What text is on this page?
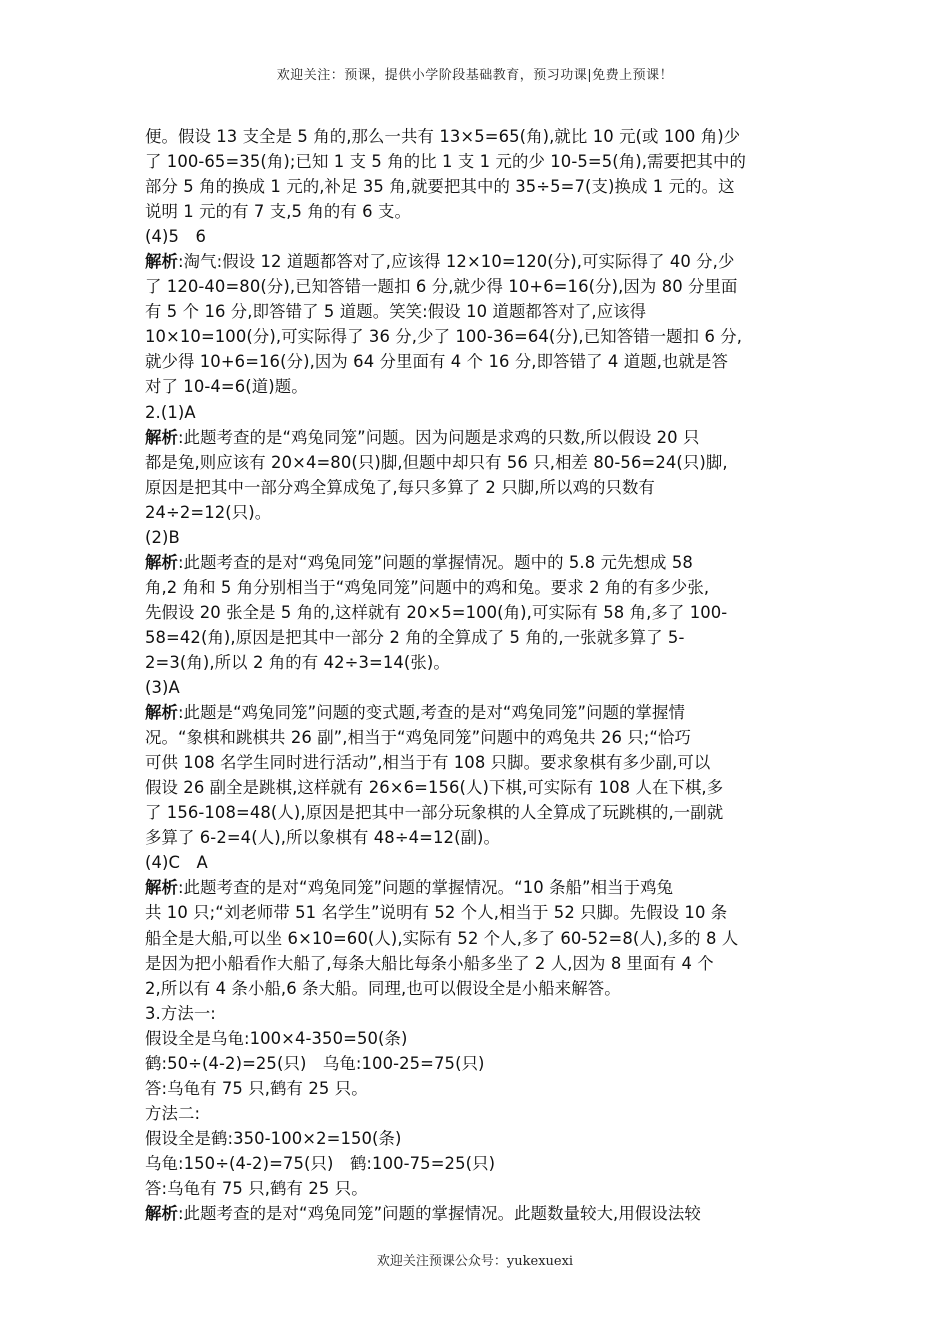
欢迎关注：预课，提供小学阶段基础教育，预习功课|免费上预课！
便。假设 13 支全是 5 角的,那么一共有 13×5=65(角),就比 10 元(或 100 角)少
了 100-65=35(角);已知 1 支 5 角的比 1 支 1 元的少 10-5=5(角),需要把其中的
部分 5 角的换成 1 元的,补足 35 角,就要把其中的 35÷5=7(支)换成 1 元的。这
说明 1 元的有 7 支,5 角的有 6 支。
(4)5　6
解析:淘气:假设 12 道题都答对了,应该得 12×10=120(分),可实际得了 40 分,少
了 120-40=80(分),已知答错一题扣 6 分,就少得 10+6=16(分),因为 80 分里面
有 5 个 16 分,即答错了 5 道题。笑笑:假设 10 道题都答对了,应该得
10×10=100(分),可实际得了 36 分,少了 100-36=64(分),已知答错一题扣 6 分,
就少得 10+6=16(分),因为 64 分里面有 4 个 16 分,即答错了 4 道题,也就是答
对了 10-4=6(道)题。
2.(1)A
解析:此题考查的是“鸡兔同笼”问题。因为问题是求鸡的只数,所以假设 20 只
都是兔,则应该有 20×4=80(只)脚,但题中却只有 56 只,相差 80-56=24(只)脚,
原因是把其中一部分鸡全算成兔了,每只多算了 2 只脚,所以鸡的只数有
24÷2=12(只)。
(2)B
解析:此题考查的是对“鸡兔同笼”问题的掌握情况。题中的 5.8 元先想成 58
角,2 角和 5 角分别相当于“鸡兔同笼”问题中的鸡和兔。要求 2 角的有多少张,
先假设 20 张全是 5 角的,这样就有 20×5=100(角),可实际有 58 角,多了 100-
58=42(角),原因是把其中一部分 2 角的全算成了 5 角的,一张就多算了 5-
2=3(角),所以 2 角的有 42÷3=14(张)。
(3)A
解析:此题是“鸡兔同笼”问题的变式题,考查的是对“鸡兔同笼”问题的掌握情
况。“象棋和跳棋共 26 副”,相当于“鸡兔同笼”问题中的鸡兔共 26 只;“恰巧
可供 108 名学生同时进行活动”,相当于有 108 只脚。要求象棋有多少副,可以
假设 26 副全是跳棋,这样就有 26×6=156(人)下棋,可实际有 108 人在下棋,多
了 156-108=48(人),原因是把其中一部分玩象棋的人全算成了玩跳棋的,一副就
多算了 6-2=4(人),所以象棋有 48÷4=12(副)。
(4)C　A
解析:此题考查的是对“鸡兔同笼”问题的掌握情况。“10 条船”相当于鸡兔
共 10 只;“刘老师带 51 名学生”说明有 52 个人,相当于 52 只脚。先假设 10 条
船全是大船,可以坐 6×10=60(人),实际有 52 个人,多了 60-52=8(人),多的 8 人
是因为把小船看作大船了,每条大船比每条小船多坐了 2 人,因为 8 里面有 4 个
2,所以有 4 条小船,6 条大船。同理,也可以假设全是小船来解答。
3.方法一:
假设全是乌龟:100×4-350=50(条)
鹤:50÷(4-2)=25(只)　乌龟:100-25=75(只)
答:乌龟有 75 只,鹤有 25 只。
方法二:
假设全是鹤:350-100×2=150(条)
乌龟:150÷(4-2)=75(只)　鹤:100-75=25(只)
答:乌龟有 75 只,鹤有 25 只。
解析:此题考查的是对“鸡兔同笼”问题的掌握情况。此题数量较大,用假设法较
欢迎关注预课公众号：yukexuexi
